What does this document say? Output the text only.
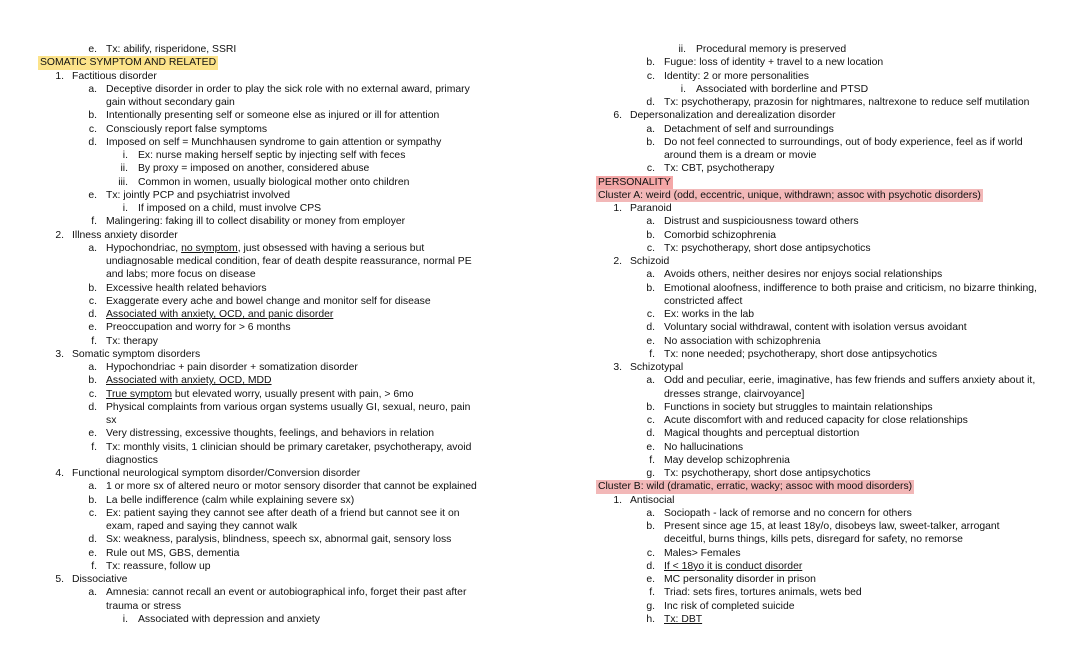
e. Tx: abilify, risperidone, SSRI
SOMATIC SYMPTOM AND RELATED
1. Factitious disorder
a. Deceptive disorder in order to play the sick role with no external award, primary
gain without secondary gain
b. Intentionally presenting self or someone else as injured or ill for attention
c. Consciously report false symptoms
d. Imposed on self = Munchhausen syndrome to gain attention or sympathy
i. Ex: nurse making herself septic by injecting self with feces
ii. By proxy = imposed on another, considered abuse
iii. Common in women, usually biological mother onto children
e. Tx: jointly PCP and psychiatrist involved
i. If imposed on a child, must involve CPS
f. Malingering: faking ill to collect disability or money from employer
2. Illness anxiety disorder
a. Hypochondriac, no symptom, just obsessed with having a serious but
undiagnosable medical condition, fear of death despite reassurance, normal PE
and labs; more focus on disease
b. Excessive health related behaviors
c. Exaggerate every ache and bowel change and monitor self for disease
d. Associated with anxiety, OCD, and panic disorder
e. Preoccupation and worry for > 6 months
f. Tx: therapy
3. Somatic symptom disorders
a. Hypochondriac + pain disorder + somatization disorder
b. Associated with anxiety, OCD, MDD
c. True symptom but elevated worry, usually present with pain, > 6mo
d. Physical complaints from various organ systems usually GI, sexual, neuro, pain
sx
e. Very distressing, excessive thoughts, feelings, and behaviors in relation
f. Tx: monthly visits, 1 clinician should be primary caretaker, psychotherapy, avoid
diagnostics
4. Functional neurological symptom disorder/Conversion disorder
a. 1 or more sx of altered neuro or motor sensory disorder that cannot be explained
b. La belle indifference (calm while explaining severe sx)
c. Ex: patient saying they cannot see after death of a friend but cannot see it on
exam, raped and saying they cannot walk
d. Sx: weakness, paralysis, blindness, speech sx, abnormal gait, sensory loss
e. Rule out MS, GBS, dementia
f. Tx: reassure, follow up
5. Dissociative
a. Amnesia: cannot recall an event or autobiographical info, forget their past after
trauma or stress
i. Associated with depression and anxiety
ii. Procedural memory is preserved
b. Fugue: loss of identity + travel to a new location
c. Identity: 2 or more personalities
i. Associated with borderline and PTSD
d. Tx: psychotherapy, prazosin for nightmares, naltrexone to reduce self mutilation
6. Depersonalization and derealization disorder
a. Detachment of self and surroundings
b. Do not feel connected to surroundings, out of body experience, feel as if world
around them is a dream or movie
c. Tx: CBT, psychotherapy
PERSONALITY
Cluster A: weird (odd, eccentric, unique, withdrawn; assoc with psychotic disorders)
1. Paranoid
a. Distrust and suspiciousness toward others
b. Comorbid schizophrenia
c. Tx: psychotherapy, short dose antipsychotics
2. Schizoid
a. Avoids others, neither desires nor enjoys social relationships
b. Emotional aloofness, indifference to both praise and criticism, no bizarre thinking,
constricted affect
c. Ex: works in the lab
d. Voluntary social withdrawal, content with isolation versus avoidant
e. No association with schizophrenia
f. Tx: none needed; psychotherapy, short dose antipsychotics
3. Schizotypal
a. Odd and peculiar, eerie, imaginative, has few friends and suffers anxiety about it,
dresses strange, clairvoyance]
b. Functions in society but struggles to maintain relationships
c. Acute discomfort with and reduced capacity for close relationships
d. Magical thoughts and perceptual distortion
e. No hallucinations
f. May develop schizophrenia
g. Tx: psychotherapy, short dose antipsychotics
Cluster B: wild (dramatic, erratic, wacky; assoc with mood disorders)
1. Antisocial
a. Sociopath - lack of remorse and no concern for others
b. Present since age 15, at least 18y/o, disobeys law, sweet-talker, arrogant
deceitful, burns things, kills pets, disregard for safety, no remorse
c. Males> Females
d. If < 18yo it is conduct disorder
e. MC personality disorder in prison
f. Triad: sets fires, tortures animals, wets bed
g. Inc risk of completed suicide
h. Tx: DBT
